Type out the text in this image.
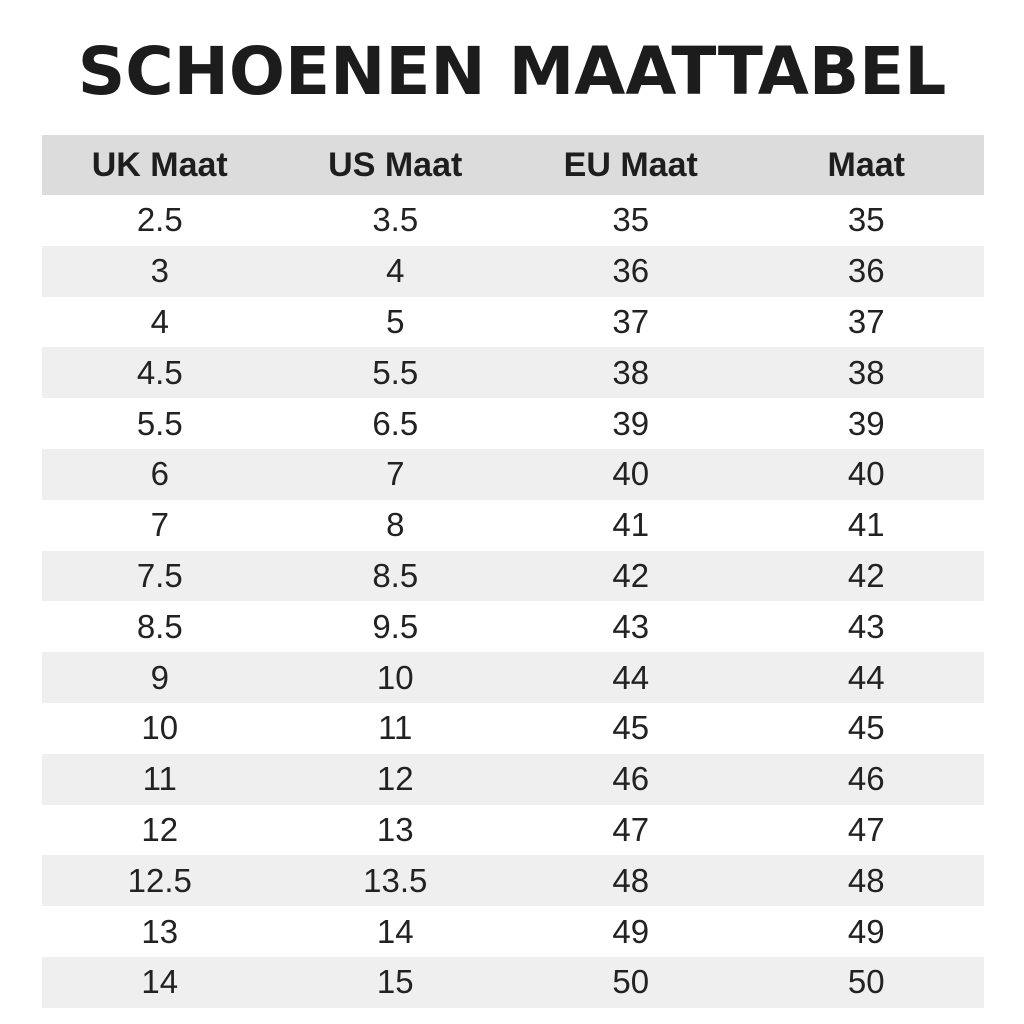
SCHOENEN MAATTABEL
UK Maat	US Maat	EU Maat	Maat
2.5	3.5	35	35
3	4	36	36
4	5	37	37
4.5	5.5	38	38
5.5	6.5	39	39
6	7	40	40
7	8	41	41
7.5	8.5	42	42
8.5	9.5	43	43
9	10	44	44
10	11	45	45
11	12	46	46
12	13	47	47
12.5	13.5	48	48
13	14	49	49
14	15	50	50
